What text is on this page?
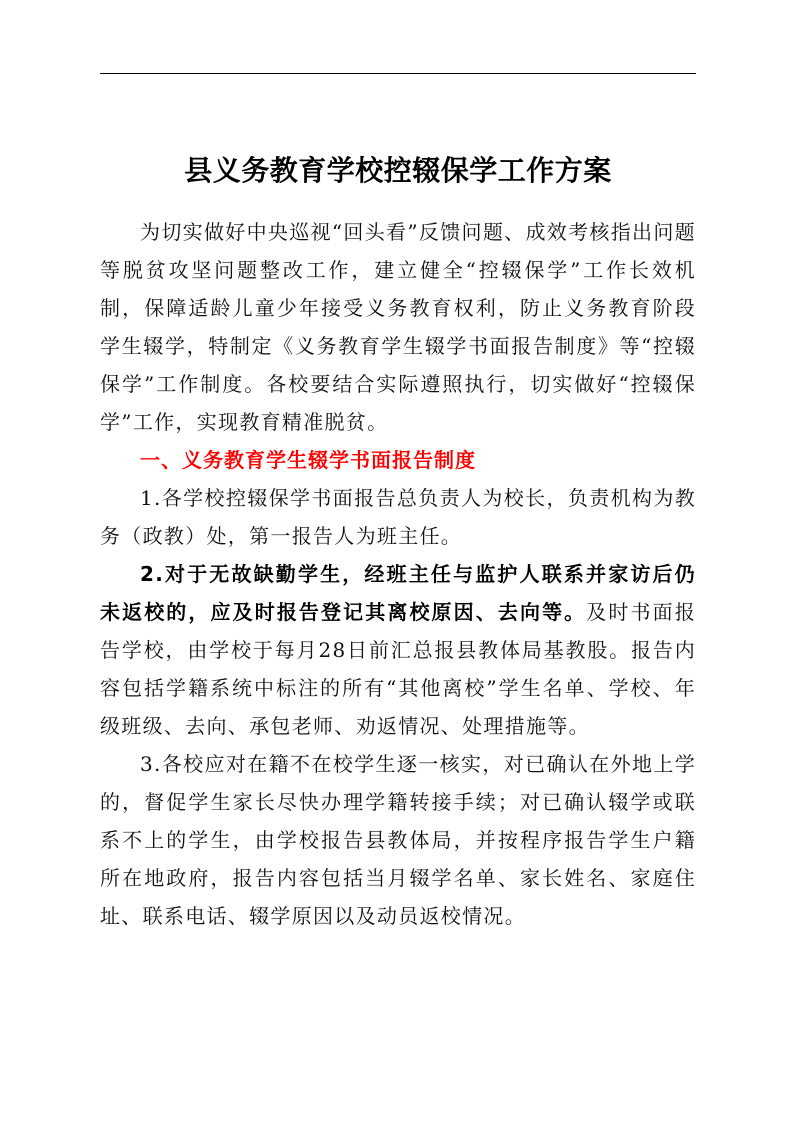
县义务教育学校控辍保学工作方案

为切实做好中央巡视“回头看”反馈问题、成效考核指出问题等脱贫攻坚问题整改工作，建立健全“控辍保学”工作长效机制，保障适龄儿童少年接受义务教育权利，防止义务教育阶段学生辍学，特制定《义务教育学生辍学书面报告制度》等“控辍保学”工作制度。各校要结合实际遵照执行，切实做好“控辍保学”工作，实现教育精准脱贫。

一、义务教育学生辍学书面报告制度

1.各学校控辍保学书面报告总负责人为校长，负责机构为教务（政教）处，第一报告人为班主任。

2.对于无故缺勤学生，经班主任与监护人联系并家访后仍未返校的，应及时报告登记其离校原因、去向等。及时书面报告学校，由学校于每月28日前汇总报县教体局基教股。报告内容包括学籍系统中标注的所有“其他离校”学生名单、学校、年级班级、去向、承包老师、劝返情况、处理措施等。

3.各校应对在籍不在校学生逐一核实，对已确认在外地上学的，督促学生家长尽快办理学籍转接手续；对已确认辍学或联系不上的学生，由学校报告县教体局，并按程序报告学生户籍所在地政府，报告内容包括当月辍学名单、家长姓名、家庭住址、联系电话、辍学原因以及动员返校情况。
